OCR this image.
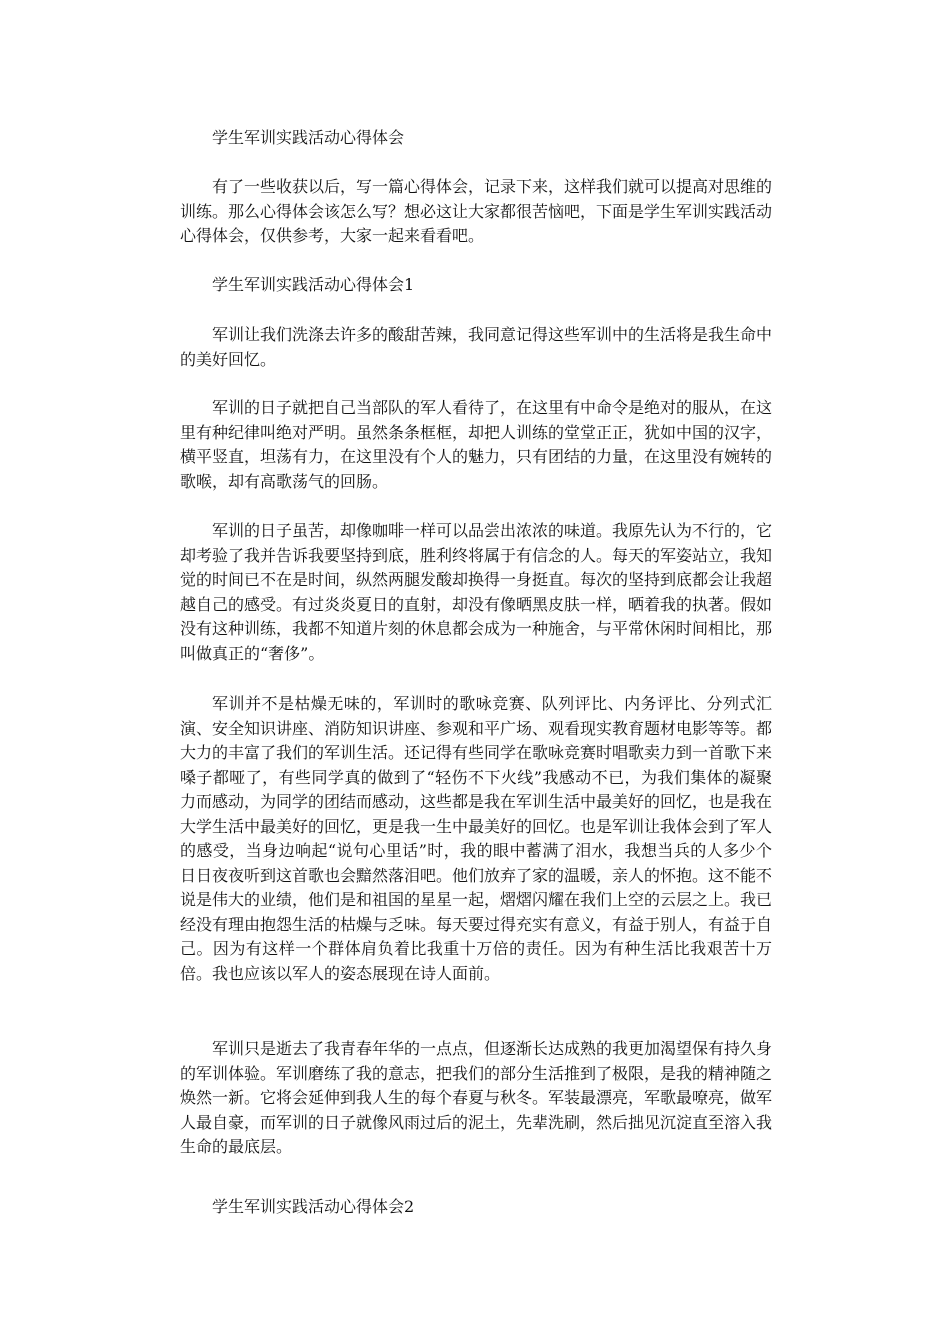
学生军训实践活动心得体会

有了一些收获以后，写一篇心得体会，记录下来，这样我们就可以提高对思维的训练。那么心得体会该怎么写？想必这让大家都很苦恼吧，下面是学生军训实践活动心得体会，仅供参考，大家一起来看看吧。

学生军训实践活动心得体会1

军训让我们洗涤去许多的酸甜苦辣，我同意记得这些军训中的生活将是我生命中的美好回忆。

军训的日子就把自己当部队的军人看待了，在这里有中命令是绝对的服从，在这里有种纪律叫绝对严明。虽然条条框框，却把人训练的堂堂正正，犹如中国的汉字，横平竖直，坦荡有力，在这里没有个人的魅力，只有团结的力量，在这里没有婉转的歌喉，却有高歌荡气的回肠。

军训的日子虽苦，却像咖啡一样可以品尝出浓浓的味道。我原先认为不行的，它却考验了我并告诉我要坚持到底，胜利终将属于有信念的人。每天的军姿站立，我知觉的时间已不在是时间，纵然两腿发酸却换得一身挺直。每次的坚持到底都会让我超越自己的感受。有过炎炎夏日的直射，却没有像晒黑皮肤一样，晒着我的执著。假如没有这种训练，我都不知道片刻的休息都会成为一种施舍，与平常休闲时间相比，那叫做真正的“奢侈”。

军训并不是枯燥无味的，军训时的歌咏竞赛、队列评比、内务评比、分列式汇演、安全知识讲座、消防知识讲座、参观和平广场、观看现实教育题材电影等等。都大力的丰富了我们的军训生活。还记得有些同学在歌咏竞赛时唱歌卖力到一首歌下来嗓子都哑了，有些同学真的做到了“轻伤不下火线”我感动不已，为我们集体的凝聚力而感动，为同学的团结而感动，这些都是我在军训生活中最美好的回忆，也是我在大学生活中最美好的回忆，更是我一生中最美好的回忆。也是军训让我体会到了军人的感受，当身边响起“说句心里话”时，我的眼中蓄满了泪水，我想当兵的人多少个日日夜夜听到这首歌也会黯然落泪吧。他们放弃了家的温暖，亲人的怀抱。这不能不说是伟大的业绩，他们是和祖国的星星一起，熠熠闪耀在我们上空的云层之上。我已经没有理由抱怨生活的枯燥与乏味。每天要过得充实有意义，有益于别人，有益于自己。因为有这样一个群体肩负着比我重十万倍的责任。因为有种生活比我艰苦十万倍。我也应该以军人的姿态展现在诗人面前。

军训只是逝去了我青春年华的一点点，但逐渐长达成熟的我更加渴望保有持久身的军训体验。军训磨练了我的意志，把我们的部分生活推到了极限，是我的精神随之焕然一新。它将会延伸到我人生的每个春夏与秋冬。军装最漂亮，军歌最嘹亮，做军人最自豪，而军训的日子就像风雨过后的泥土，先辈洗刷，然后拙见沉淀直至溶入我生命的最底层。

学生军训实践活动心得体会2
